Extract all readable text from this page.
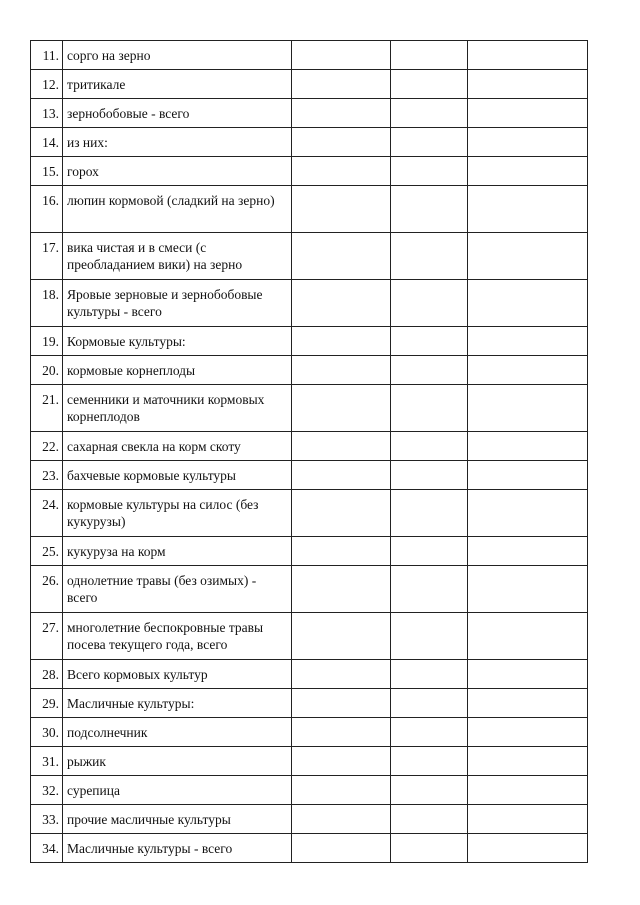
11.	сорго на зерно			
12.	тритикале			
13.	зернобобовые - всего			
14.	из них:			
15.	горох			
16.	люпин кормовой (сладкий на зерно)			
17.	вика чистая и в смеси (с преобладанием вики) на зерно			
18.	Яровые зерновые и зернобобовые культуры - всего			
19.	Кормовые культуры:			
20.	кормовые корнеплоды			
21.	семенники и маточники кормовых корнеплодов			
22.	сахарная свекла на корм скоту			
23.	бахчевые кормовые культуры			
24.	кормовые культуры на силос (без кукурузы)			
25.	кукуруза на корм			
26.	однолетние травы (без озимых) - всего			
27.	многолетние беспокровные травы посева текущего года, всего			
28.	Всего кормовых культур			
29.	Масличные культуры:			
30.	подсолнечник			
31.	рыжик			
32.	сурепица			
33.	прочие масличные культуры			
34.	Масличные культуры - всего			
